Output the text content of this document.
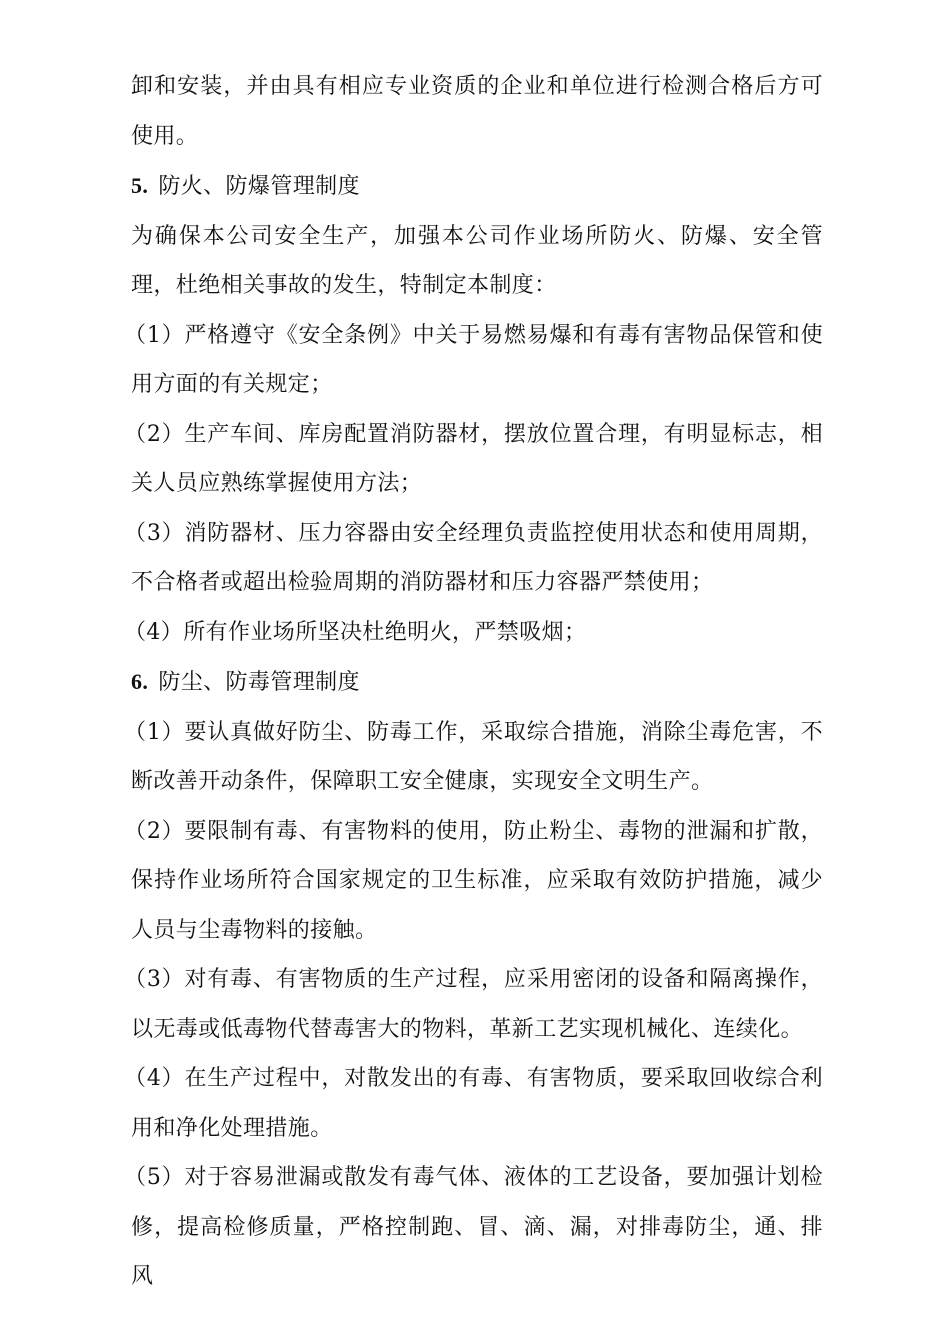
卸和安装，并由具有相应专业资质的企业和单位进行检测合格后方可使用。

5. 防火、防爆管理制度

为确保本公司安全生产，加强本公司作业场所防火、防爆、安全管理，杜绝相关事故的发生，特制定本制度：

（1）严格遵守《安全条例》中关于易燃易爆和有毒有害物品保管和使用方面的有关规定；

（2）生产车间、库房配置消防器材，摆放位置合理，有明显标志，相关人员应熟练掌握使用方法；

（3）消防器材、压力容器由安全经理负责监控使用状态和使用周期，不合格者或超出检验周期的消防器材和压力容器严禁使用；

（4）所有作业场所坚决杜绝明火，严禁吸烟；

6. 防尘、防毒管理制度

（1）要认真做好防尘、防毒工作，采取综合措施，消除尘毒危害，不断改善开动条件，保障职工安全健康，实现安全文明生产。

（2）要限制有毒、有害物料的使用，防止粉尘、毒物的泄漏和扩散，保持作业场所符合国家规定的卫生标准，应采取有效防护措施，减少人员与尘毒物料的接触。

（3）对有毒、有害物质的生产过程，应采用密闭的设备和隔离操作，以无毒或低毒物代替毒害大的物料，革新工艺实现机械化、连续化。

（4）在生产过程中，对散发出的有毒、有害物质，要采取回收综合利用和净化处理措施。

（5）对于容易泄漏或散发有毒气体、液体的工艺设备，要加强计划检修，提高检修质量，严格控制跑、冒、滴、漏，对排毒防尘，通、排风
